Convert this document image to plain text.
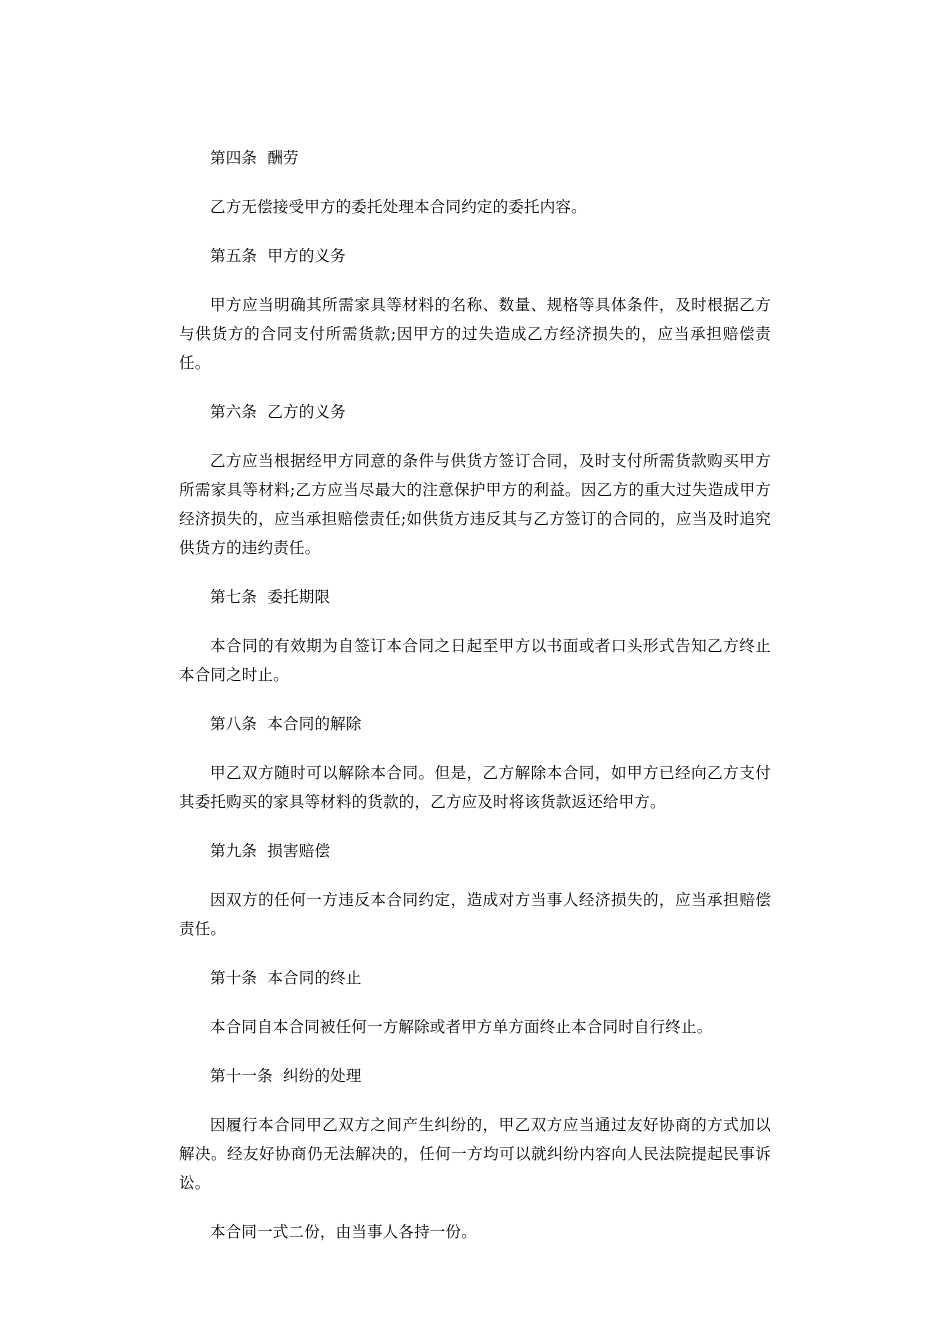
第四条  酬劳

乙方无偿接受甲方的委托处理本合同约定的委托内容。

第五条  甲方的义务

甲方应当明确其所需家具等材料的名称、数量、规格等具体条件，及时根据乙方与供货方的合同支付所需货款;因甲方的过失造成乙方经济损失的，应当承担赔偿责任。

第六条  乙方的义务

乙方应当根据经甲方同意的条件与供货方签订合同，及时支付所需货款购买甲方所需家具等材料;乙方应当尽最大的注意保护甲方的利益。因乙方的重大过失造成甲方经济损失的，应当承担赔偿责任;如供货方违反其与乙方签订的合同的，应当及时追究供货方的违约责任。

第七条  委托期限

本合同的有效期为自签订本合同之日起至甲方以书面或者口头形式告知乙方终止本合同之时止。

第八条  本合同的解除

甲乙双方随时可以解除本合同。但是，乙方解除本合同，如甲方已经向乙方支付其委托购买的家具等材料的货款的，乙方应及时将该货款返还给甲方。

第九条  损害赔偿

因双方的任何一方违反本合同约定，造成对方当事人经济损失的，应当承担赔偿责任。

第十条  本合同的终止

本合同自本合同被任何一方解除或者甲方单方面终止本合同时自行终止。

第十一条  纠纷的处理

因履行本合同甲乙双方之间产生纠纷的，甲乙双方应当通过友好协商的方式加以解决。经友好协商仍无法解决的，任何一方均可以就纠纷内容向人民法院提起民事诉讼。

本合同一式二份，由当事人各持一份。
